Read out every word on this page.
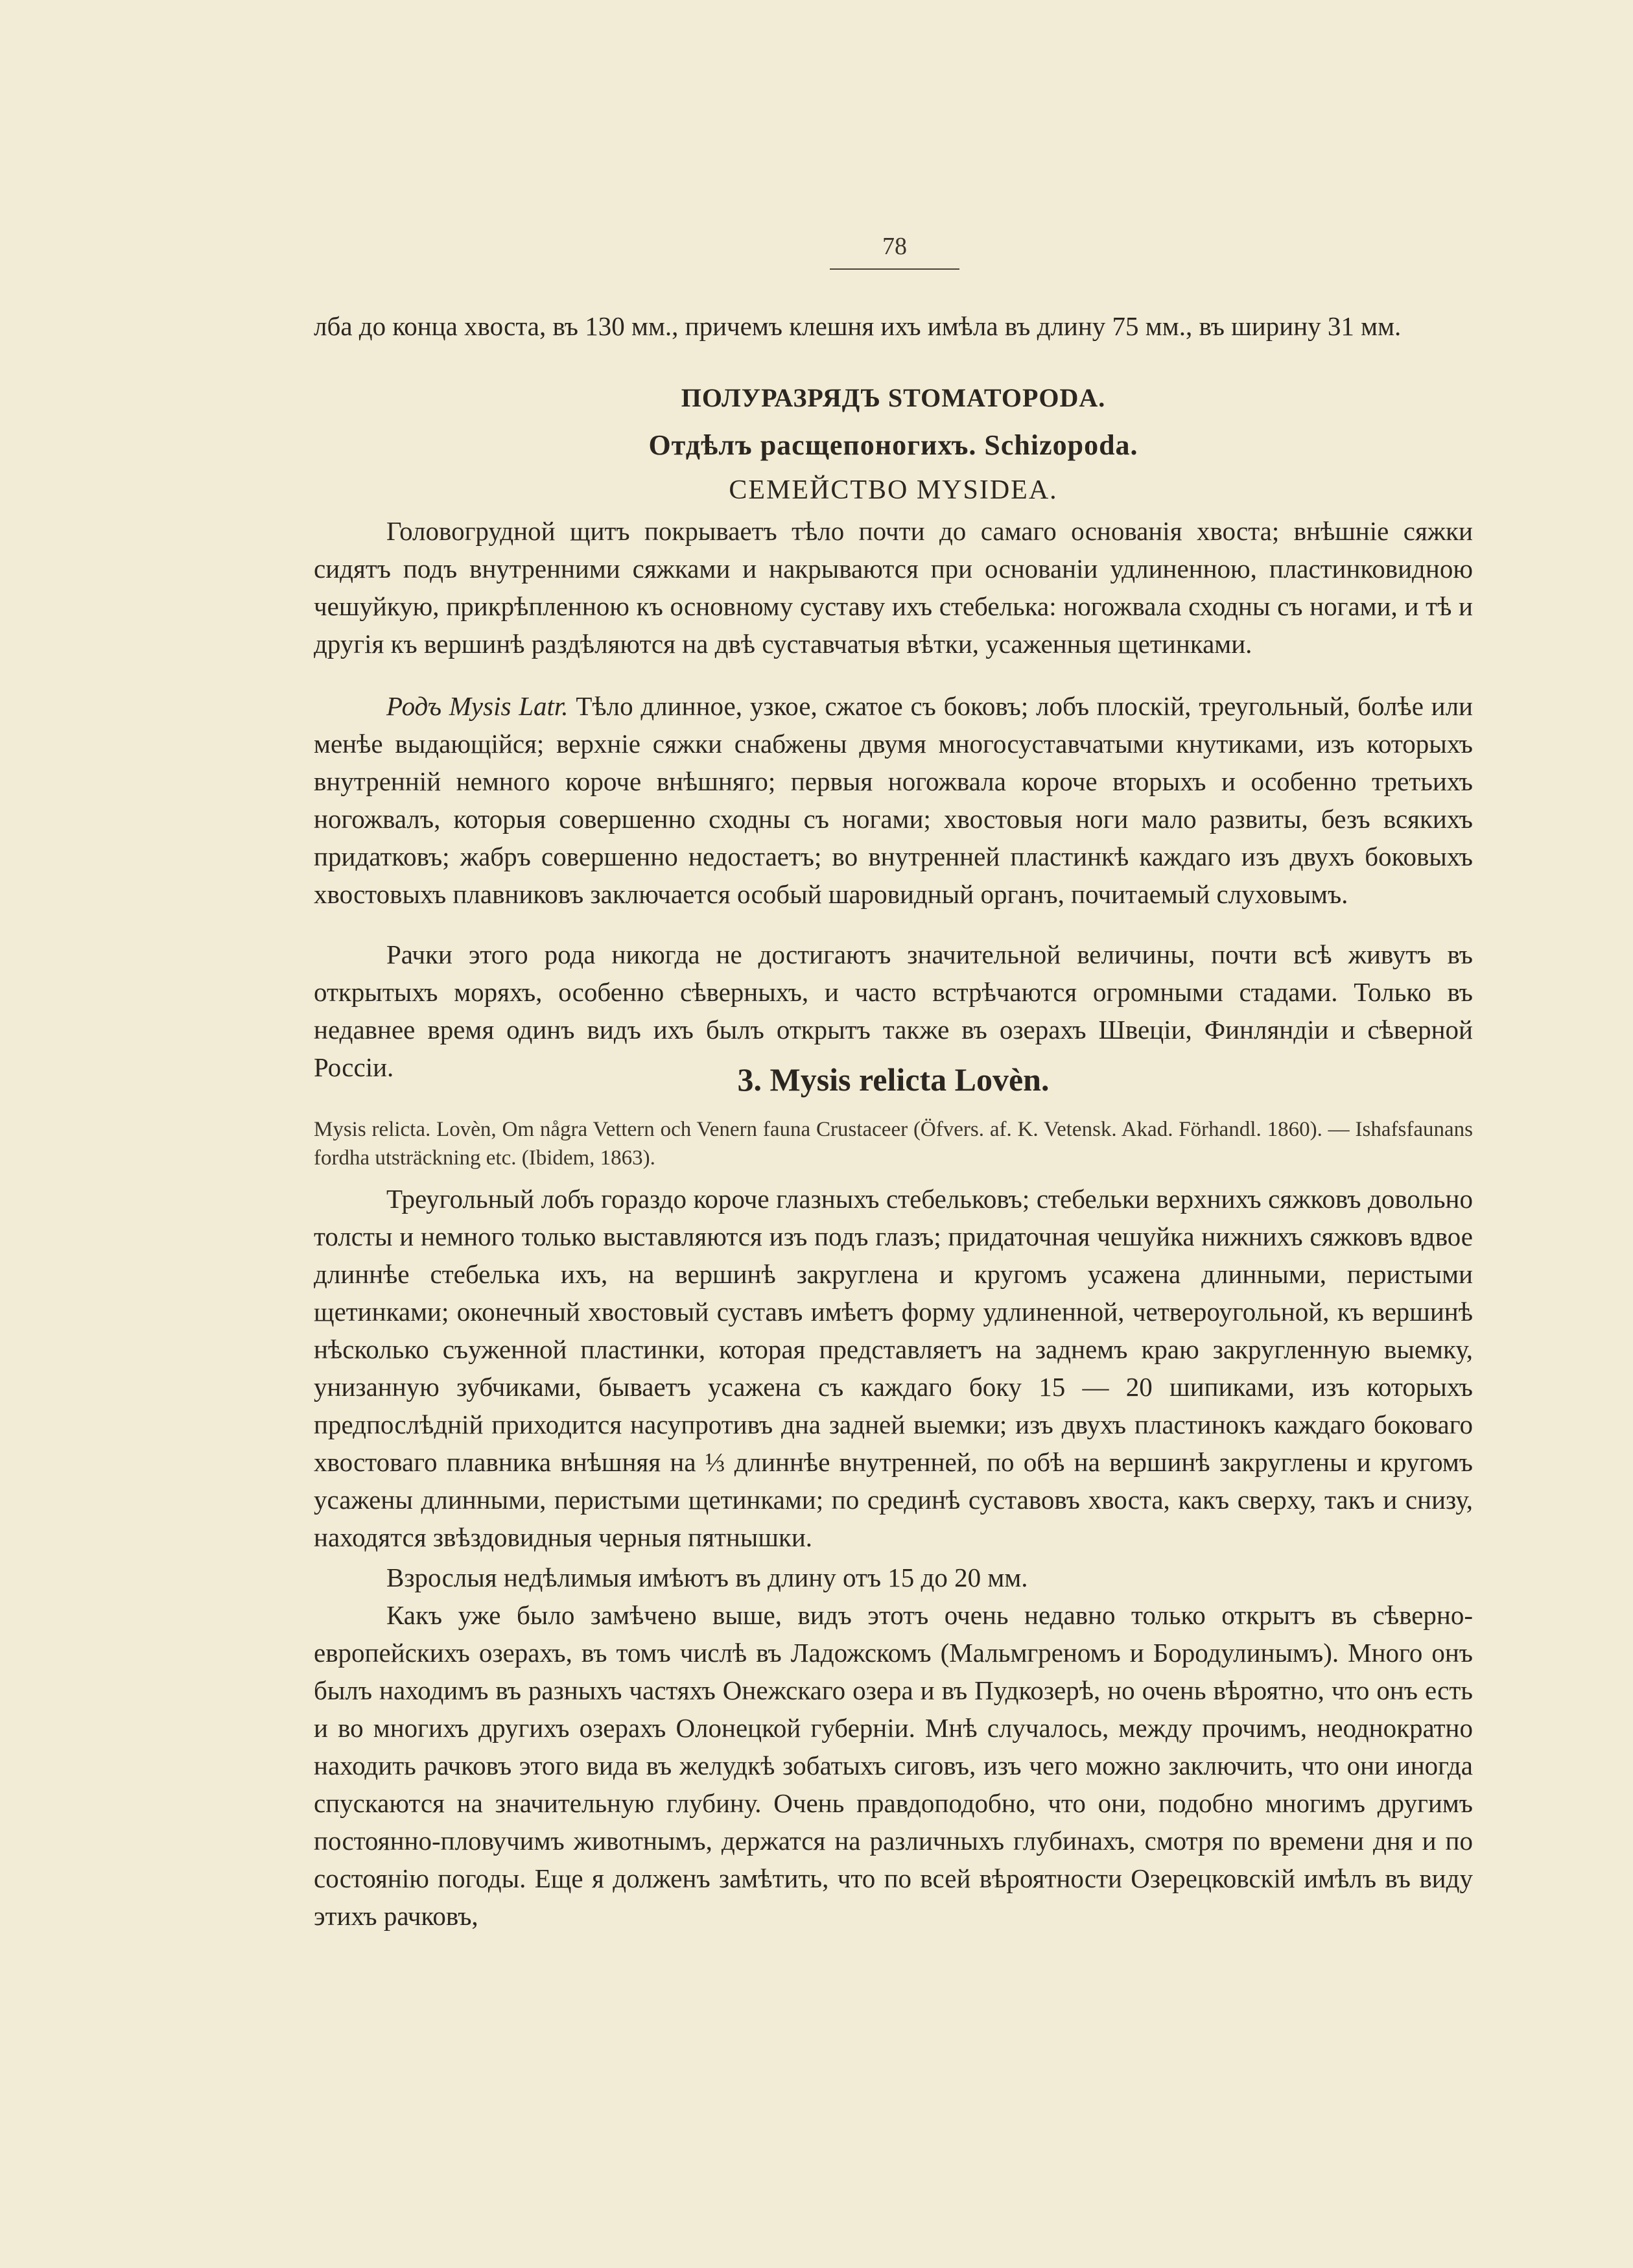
78

лба до конца хвоста, въ 130 мм., причемъ клешня ихъ имѣла въ длину 75 мм., въ ширину 31 мм.

ПОЛУРАЗРЯДЪ STOMATOPODA.
Отдѣлъ расщепоногихъ. Schizopoda.
СЕМЕЙСТВО MYSIDEA.

Головогрудной щитъ покрываетъ тѣло почти до самаго основанія хвоста; внѣшніе сяжки сидятъ подъ внутренними сяжками и накрываются при основаніи удлиненною, пластинковидною чешуйкую, прикрѣпленною къ основному суставу ихъ стебелька: ногожвала сходны съ ногами, и тѣ и другія къ вершинѣ раздѣляются на двѣ суставчатыя вѣтки, усаженныя щетинками.

Родъ Mysis Latr. Тѣло длинное, узкое, сжатое съ боковъ; лобъ плоскій, треугольный, болѣе или менѣе выдающійся; верхніе сяжки снабжены двумя многосуставчатыми кнутиками, изъ которыхъ внутренній немного короче внѣшняго; первыя ногожвала короче вторыхъ и особенно третьихъ ногожвалъ, которыя совершенно сходны съ ногами; хвостовыя ноги мало развиты, безъ всякихъ придатковъ; жабръ совершенно недостаетъ; во внутренней пластинкѣ каждаго изъ двухъ боковыхъ хвостовыхъ плавниковъ заключается особый шаровидный органъ, почитаемый слуховымъ.

Рачки этого рода никогда не достигаютъ значительной величины, почти всѣ живутъ въ открытыхъ моряхъ, особенно сѣверныхъ, и часто встрѣчаются огромными стадами. Только въ недавнее время одинъ видъ ихъ былъ открытъ также въ озерахъ Швеціи, Финляндіи и сѣверной Россіи.	3. Mysis relicta Lovèn.

Mysis relicta. Lovèn, Om några Vettern och Venern fauna Crustaceer (Öfvers. af. K. Vetensk. Akad. Förhandl. 1860). — Ishafsfaunans fordha utsträckning etc. (Ibidem, 1863).

Треугольный лобъ гораздо короче глазныхъ стебельковъ; стебельки верхнихъ сяжковъ довольно толсты и немного только выставляются изъ подъ глазъ; придаточная чешуйка нижнихъ сяжковъ вдвое длиннѣе стебелька ихъ, на вершинѣ закруглена и кругомъ усажена длинными, перистыми щетинками; оконечный хвостовый суставъ имѣетъ форму удлиненной, четвероугольной, къ вершинѣ нѣсколько съуженной пластинки, которая представляетъ на заднемъ краю закругленную выемку, унизанную зубчиками, бываетъ усажена съ каждаго боку 15 — 20 шипиками, изъ которыхъ предпослѣдній приходится насупротивъ дна задней выемки; изъ двухъ пластинокъ каждаго боковаго хвостоваго плавника внѣшняя на ⅓ длиннѣе внутренней, по обѣ на вершинѣ закруглены и кругомъ усажены длинными, перистыми щетинками; по срединѣ суставовъ хвоста, какъ сверху, такъ и снизу, находятся звѣздовидныя черныя пятнышки.

Взрослыя недѣлимыя имѣютъ въ длину отъ 15 до 20 мм.

Какъ уже было замѣчено выше, видъ этотъ очень недавно только открытъ въ сѣверно-европейскихъ озерахъ, въ томъ числѣ въ Ладожскомъ (Мальмгреномъ и Бородулинымъ). Много онъ былъ находимъ въ разныхъ частяхъ Онежскаго озера и въ Пудкозерѣ, но очень вѣроятно, что онъ есть и во многихъ другихъ озерахъ Олонецкой губерніи. Мнѣ случалось, между прочимъ, неоднократно находить рачковъ этого вида въ желудкѣ зобатыхъ сиговъ, изъ чего можно заключить, что они иногда спускаются на значительную глубину. Очень правдоподобно, что они, подобно многимъ другимъ постоянно-пловучимъ животнымъ, держатся на различныхъ глубинахъ, смотря по времени дня и по состоянію погоды. Еще я долженъ замѣтить, что по всей вѣроятности Озерецковскій имѣлъ въ виду этихъ рачковъ,
